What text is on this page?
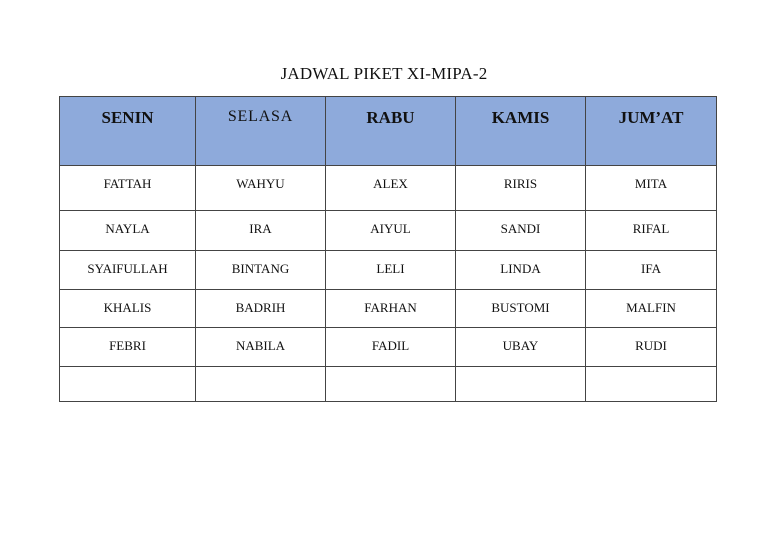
JADWAL PIKET XI-MIPA-2
SENIN	SELASA	RABU	KAMIS	JUM’AT
FATTAH	WAHYU	ALEX	RIRIS	MITA
NAYLA	IRA	AIYUL	SANDI	RIFAL
SYAIFULLAH	BINTANG	LELI	LINDA	IFA
KHALIS	BADRIH	FARHAN	BUSTOMI	MALFIN
FEBRI	NABILA	FADIL	UBAY	RUDI
